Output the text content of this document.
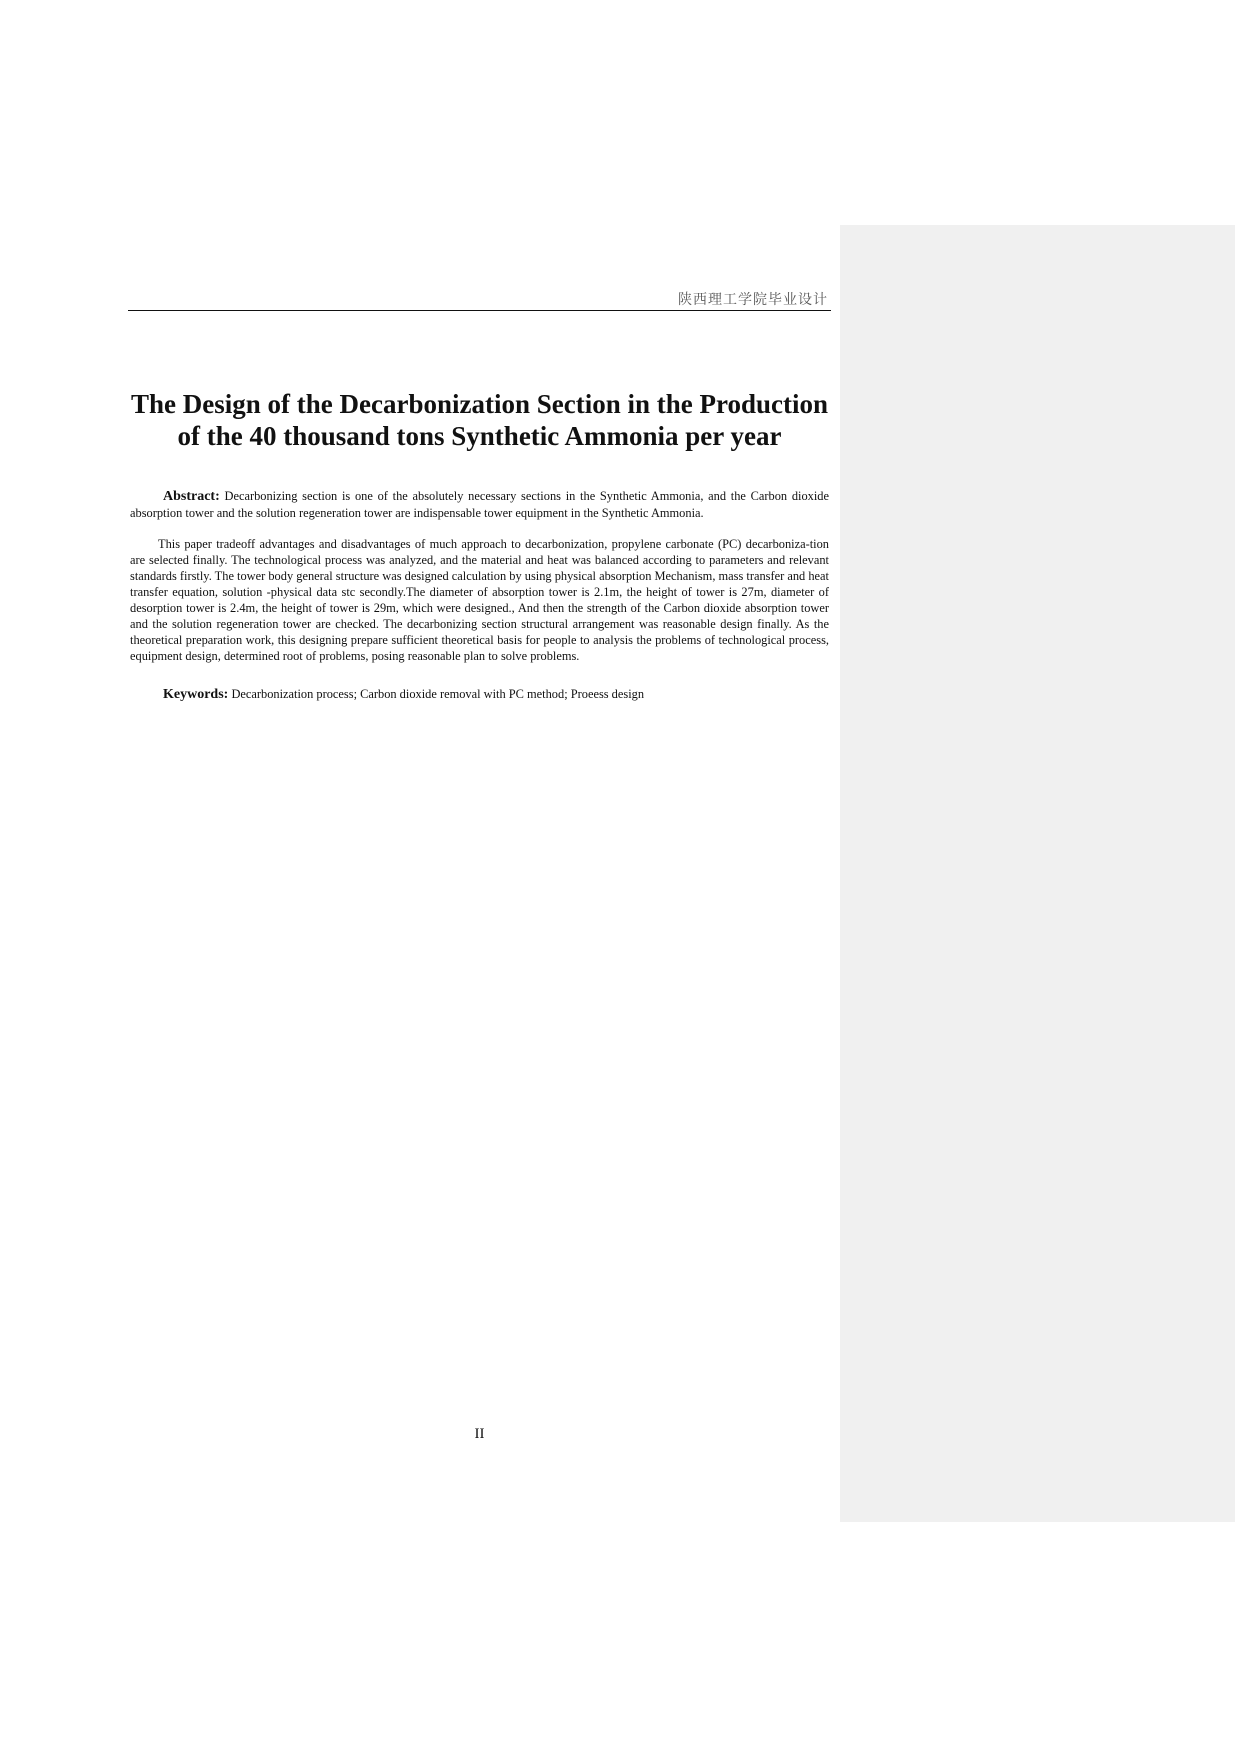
陕西理工学院毕业设计
The Design of the Decarbonization Section in the Production of the 40 thousand tons Synthetic Ammonia per year

Abstract: Decarbonizing section is one of the absolutely necessary sections in the Synthetic Ammonia, and the Carbon dioxide absorption tower and the solution regeneration tower are indispensable tower equipment in the Synthetic Ammonia.

This paper tradeoff advantages and disadvantages of much approach to decarbonization, propylene carbonate (PC) decarboniza-tion are selected finally. The technological process was analyzed, and the material and heat was balanced according to parameters and relevant standards firstly. The tower body general structure was designed calculation by using physical absorption Mechanism, mass transfer and heat transfer equation, solution -physical data stc secondly.The diameter of absorption tower is 2.1m, the height of tower is 27m, diameter of desorption tower is 2.4m, the height of tower is 29m, which were designed., And then the strength of the Carbon dioxide absorption tower and the solution regeneration tower are checked. The decarbonizing section structural arrangement was reasonable design finally. As the theoretical preparation work, this designing prepare sufficient theoretical basis for people to analysis the problems of technological process, equipment design, determined root of problems, posing reasonable plan to solve problems.

Keywords: Decarbonization process; Carbon dioxide removal with PC method; Proeess design

II
